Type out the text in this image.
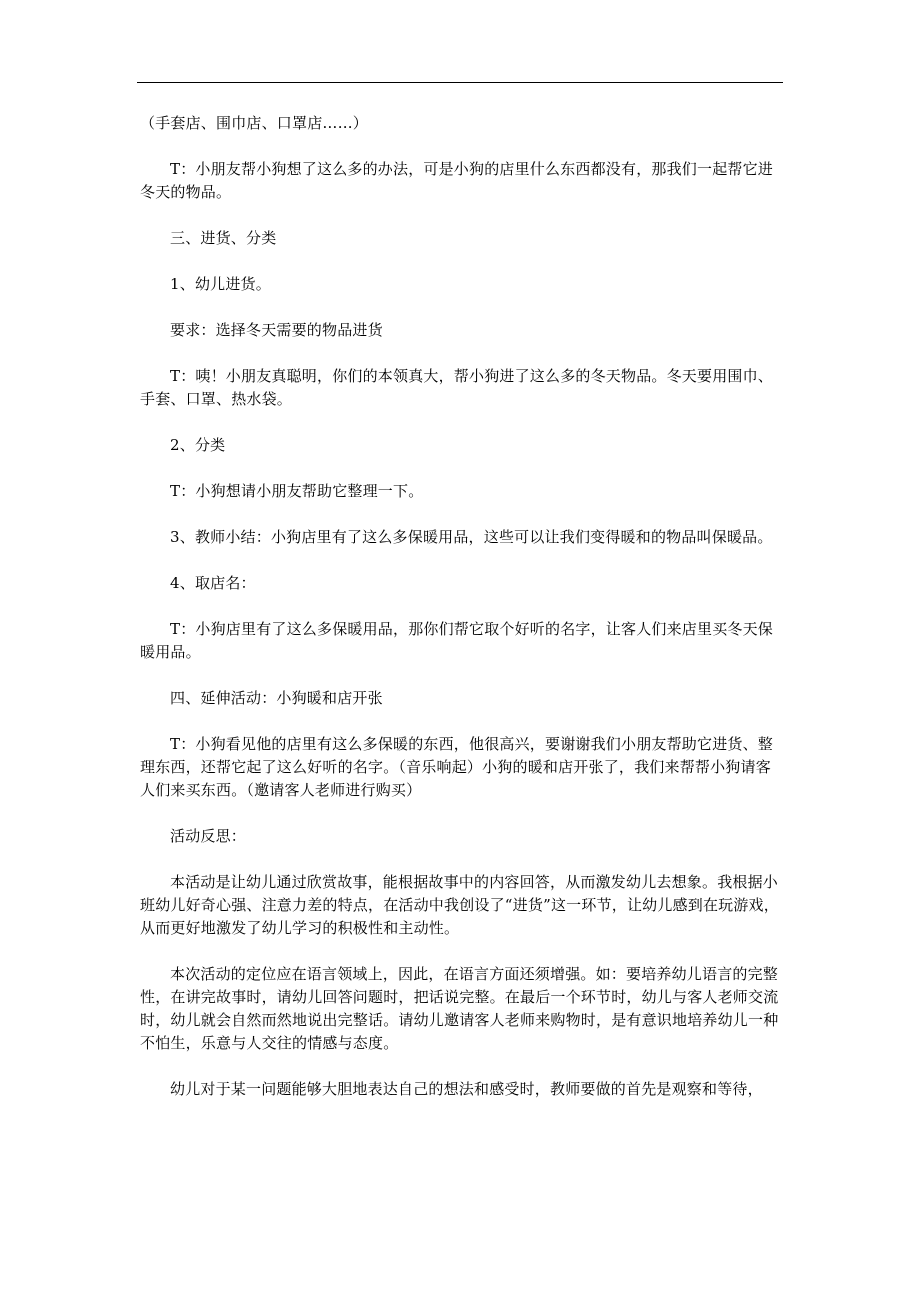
（手套店、围巾店、口罩店……）

T：小朋友帮小狗想了这么多的办法，可是小狗的店里什么东西都没有，那我们一起帮它进冬天的物品。

三、进货、分类

1、幼儿进货。

要求：选择冬天需要的物品进货

T：咦！小朋友真聪明，你们的本领真大，帮小狗进了这么多的冬天物品。冬天要用围巾、手套、口罩、热水袋。

2、分类

T：小狗想请小朋友帮助它整理一下。

3、教师小结：小狗店里有了这么多保暖用品，这些可以让我们变得暖和的物品叫保暖品。

4、取店名：

T：小狗店里有了这么多保暖用品，那你们帮它取个好听的名字，让客人们来店里买冬天保暖用品。

四、延伸活动：小狗暖和店开张

T：小狗看见他的店里有这么多保暖的东西，他很高兴，要谢谢我们小朋友帮助它进货、整理东西，还帮它起了这么好听的名字。（音乐响起）小狗的暖和店开张了，我们来帮帮小狗请客人们来买东西。（邀请客人老师进行购买）

活动反思：

本活动是让幼儿通过欣赏故事，能根据故事中的内容回答，从而激发幼儿去想象。我根据小班幼儿好奇心强、注意力差的特点，在活动中我创设了“进货”这一环节，让幼儿感到在玩游戏，从而更好地激发了幼儿学习的积极性和主动性。

本次活动的定位应在语言领域上，因此，在语言方面还须增强。如：要培养幼儿语言的完整性，在讲完故事时，请幼儿回答问题时，把话说完整。在最后一个环节时，幼儿与客人老师交流时，幼儿就会自然而然地说出完整话。请幼儿邀请客人老师来购物时，是有意识地培养幼儿一种不怕生，乐意与人交往的情感与态度。

幼儿对于某一问题能够大胆地表达自己的想法和感受时，教师要做的首先是观察和等待，
